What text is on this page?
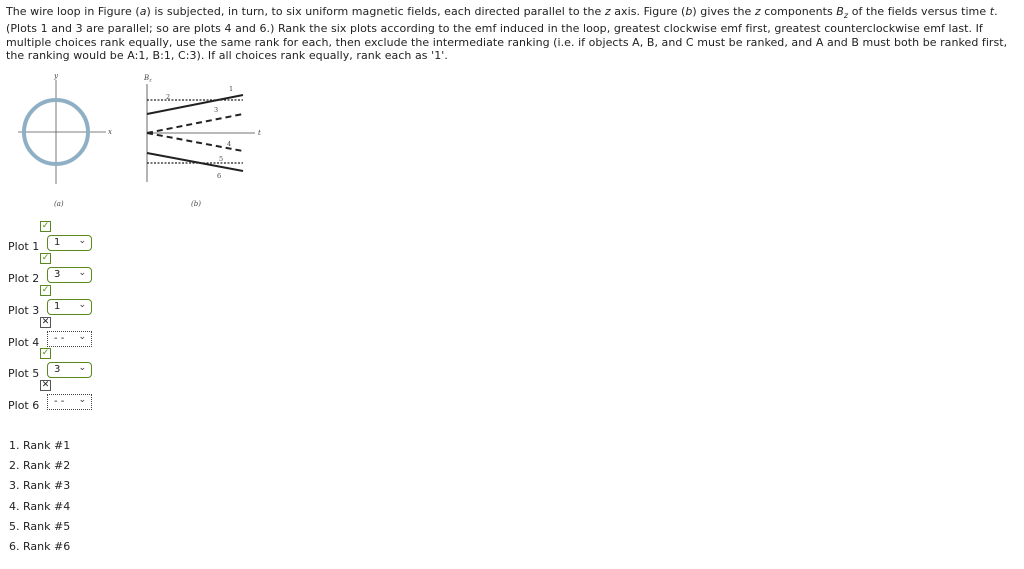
The wire loop in Figure (a) is subjected, in turn, to six uniform magnetic fields, each directed parallel to the z axis. Figure (b) gives the z components $B_z$ of the fields versus time t. (Plots 1 and 3 are parallel; so are plots 4 and 6.) Rank the six plots according to the emf induced in the loop, greatest clockwise emf first, greatest counterclockwise emf last. If multiple choices rank equally, use the same rank for each, then exclude the intermediate ranking (i.e. if objects A, B, and C must be ranked, and A and B must both be ranked first, the ranking would be A:1, B:1, C:3). If all choices rank equally, rank each as '1'.
x
y
(a)
$B_z$
t
1
2
3
4
5
6
(b)
Plot 1
✓
1 ⌄
Plot 2
✓
3 ⌄
Plot 3
✓
1 ⌄
Plot 4
✕
- - ⌄
Plot 5
✓
3 ⌄
Plot 6
✕
- - ⌄
1. Rank #1
2. Rank #2
3. Rank #3
4. Rank #4
5. Rank #5
6. Rank #6
